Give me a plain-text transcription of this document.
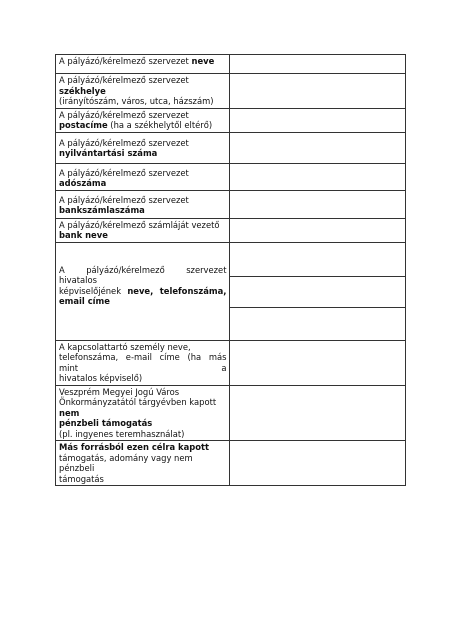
A pályázó/kérelmező szervezet neve	

A pályázó/kérelmező szervezet székhelye
(irányítószám, város, utca, házszám)	

A pályázó/kérelmező szervezet
postacíme (ha a székhelytől eltérő)	

A pályázó/kérelmező szervezet
nyilvántartási száma	

A pályázó/kérelmező szervezet adószáma	

A pályázó/kérelmező szervezet
bankszámlaszáma	

A pályázó/kérelmező számláját vezető
bank neve	

A pályázó/kérelmező szervezet hivatalos
képviselőjének neve, telefonszáma,
email címe	

A kapcsolattartó személy neve,
telefonszáma, e-mail címe (ha más mint a
hivatalos képviselő)	

Veszprém Megyei Jogú Város
Önkormányzatától tárgyévben kapott nem
pénzbeli támogatás
(pl. ingyenes teremhasználat)	

Más forrásból ezen célra kapott
támogatás, adomány vagy nem pénzbeli
támogatás	
